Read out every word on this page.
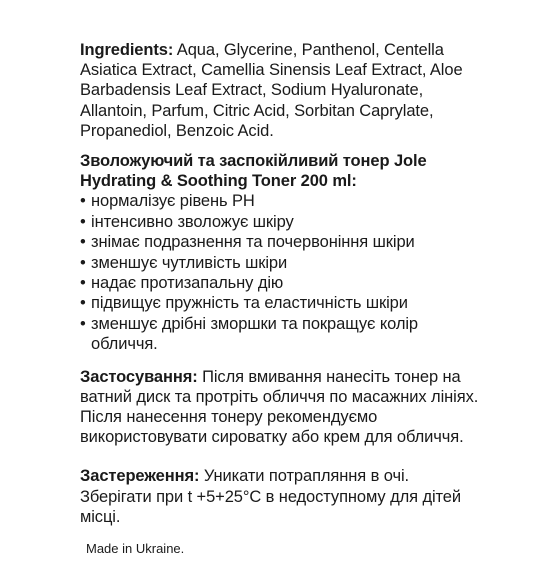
Ingredients: Aqua, Glycerine, Panthenol, Centella Asiatica Extract, Camellia Sinensis Leaf Extract, Aloe Barbadensis Leaf Extract, Sodium Hyaluronate, Allantoin, Parfum, Citric Acid, Sorbitan Caprylate, Propanediol, Benzoic Acid.

Зволожуючий та заспокійливий тонер Jole Hydrating & Soothing Toner 200 ml:

• нормалізує рівень PH
• інтенсивно зволожує шкіру
• знімає подразнення та почервоніння шкіри
• зменшує чутливість шкіри
• надає протизапальну дію
• підвищує пружність та еластичність шкіри
• зменшує дрібні зморшки та покращує колір обличчя.

Застосування: Після вмивання нанесіть тонер на ватний диск та протріть обличчя по масажних лініях. Після нанесення тонеру рекомендуємо використовувати сироватку або крем для обличчя.

Застереження: Уникати потрапляння в очі. Зберігати при t +5+25°C в недоступному для дітей місці.

Made in Ukraine.
